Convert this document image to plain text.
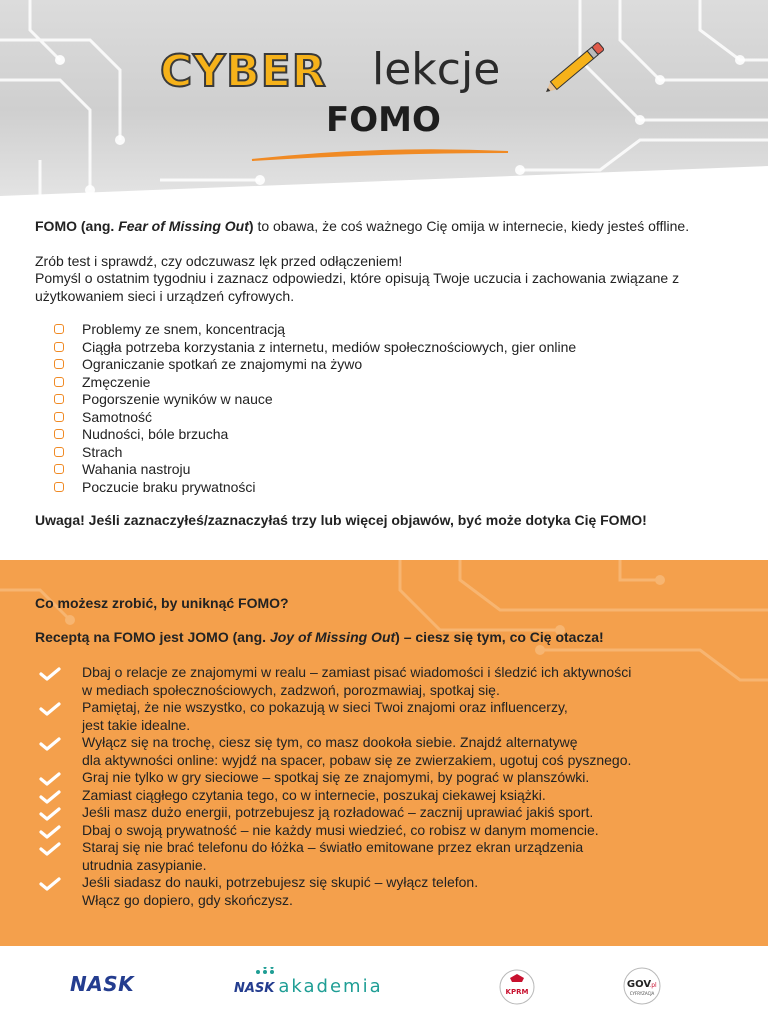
CYBER lekcje
FOMO

FOMO (ang. Fear of Missing Out) to obawa, że coś ważnego Cię omija w internecie, kiedy jesteś offline.

Zrób test i sprawdź, czy odczuwasz lęk przed odłączeniem!
Pomyśl o ostatnim tygodniu i zaznacz odpowiedzi, które opisują Twoje uczucia i zachowania związane z użytkowaniem sieci i urządzeń cyfrowych.

Problemy ze snem, koncentracją
Ciągła potrzeba korzystania z internetu, mediów społecznościowych, gier online
Ograniczanie spotkań ze znajomymi na żywo
Zmęczenie
Pogorszenie wyników w nauce
Samotność
Nudności, bóle brzucha
Strach
Wahania nastroju
Poczucie braku prywatności

Uwaga! Jeśli zaznaczyłeś/zaznaczyłaś trzy lub więcej objawów, być może dotyka Cię FOMO!

Co możesz zrobić, by uniknąć FOMO?

Receptą na FOMO jest JOMO (ang. Joy of Missing Out) – ciesz się tym, co Cię otacza!

Dbaj o relacje ze znajomymi w realu – zamiast pisać wiadomości i śledzić ich aktywności
w mediach społecznościowych, zadzwoń, porozmawiaj, spotkaj się.
Pamiętaj, że nie wszystko, co pokazują w sieci Twoi znajomi oraz influencerzy,
jest takie idealne.
Wyłącz się na trochę, ciesz się tym, co masz dookoła siebie. Znajdź alternatywę
dla aktywności online: wyjdź na spacer, pobaw się ze zwierzakiem, ugotuj coś pysznego.
Graj nie tylko w gry sieciowe – spotkaj się ze znajomymi, by pograć w planszówki.
Zamiast ciągłego czytania tego, co w internecie, poszukaj ciekawej książki.
Jeśli masz dużo energii, potrzebujesz ją rozładować – zacznij uprawiać jakiś sport.
Dbaj o swoją prywatność – nie każdy musi wiedzieć, co robisz w danym momencie.
Staraj się nie brać telefonu do łóżka – światło emitowane przez ekran urządzenia
utrudnia zasypianie.
Jeśli siadasz do nauki, potrzebujesz się skupić – wyłącz telefon.
Włącz go dopiero, gdy skończysz.
NASK	NASK akademia	KPRM
GOV
.pl
CYFRYZACJA
